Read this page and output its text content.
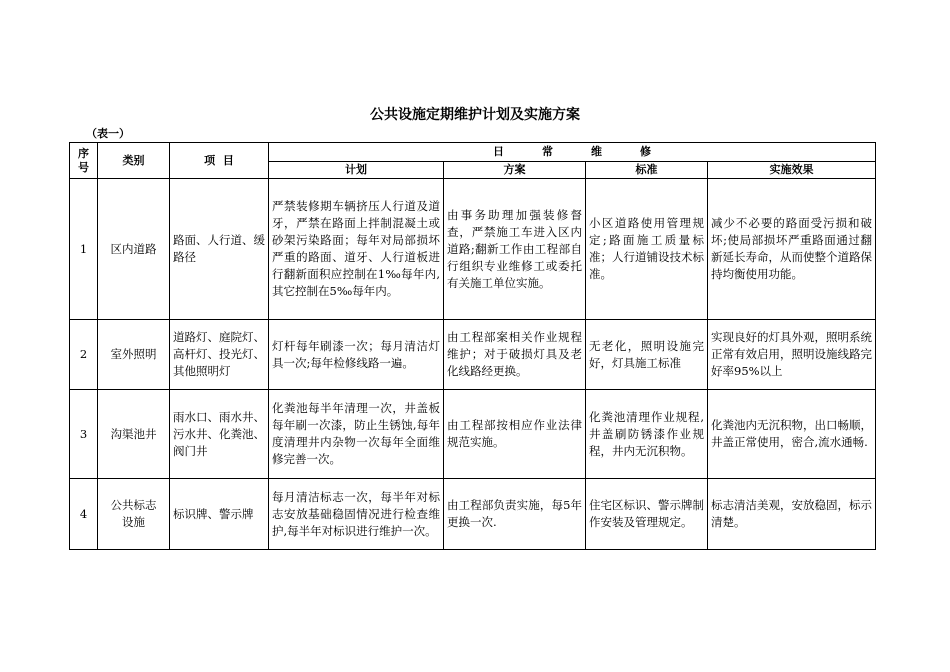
公共设施定期维护计划及实施方案
（表一）
序号	类别	项  目	日常维修			
			计划	方案	标准	实施效果
1	区内道路	路面、人行道、缓路径	严禁装修期车辆挤压人行道及道牙，严禁在路面上拌制混凝土或砂架污染路面；每年对局部损坏严重的路面、道牙、人行道板进行翻新面积应控制在1‰每年内,其它控制在5‰每年内。	由事务助理加强装修督查，严禁施工车进入区内道路;翻新工作由工程部自行组织专业维修工或委托有关施工单位实施。	小区道路使用管理规定;路面施工质量标准；人行道铺设技术标准。	减少不必要的路面受污损和破坏;使局部损坏严重路面通过翻新延长寿命，从而使整个道路保持均衡使用功能。
2	室外照明	道路灯、庭院灯、高杆灯、投光灯、其他照明灯	灯杆每年刷漆一次；每月清洁灯具一次;每年检修线路一遍。	由工程部案相关作业规程维护；对于破损灯具及老化线路经更换。	无老化，照明设施完好，灯具施工标准	实现良好的灯具外观，照明系统正常有效启用，照明设施线路完好率95%以上
3	沟渠池井	雨水口、雨水井、污水井、化粪池、阀门井	化粪池每半年清理一次，井盖板每年刷一次漆，防止生锈蚀,每年度清理井内杂物一次每年全面维修完善一次。	由工程部按相应作业法律规范实施。	化粪池清理作业规程,井盖刷防锈漆作业规程，井内无沉积物。	化粪池内无沉积物，出口畅顺，井盖正常使用，密合,流水通畅.
4	公共标志设施	标识牌、警示牌	每月清洁标志一次，每半年对标志安放基础稳固情况进行检查维护,每半年对标识进行维护一次。	由工程部负责实施，每5年更换一次.	住宅区标识、警示牌制作安装及管理规定。	标志清洁美观，安放稳固，标示清楚。
